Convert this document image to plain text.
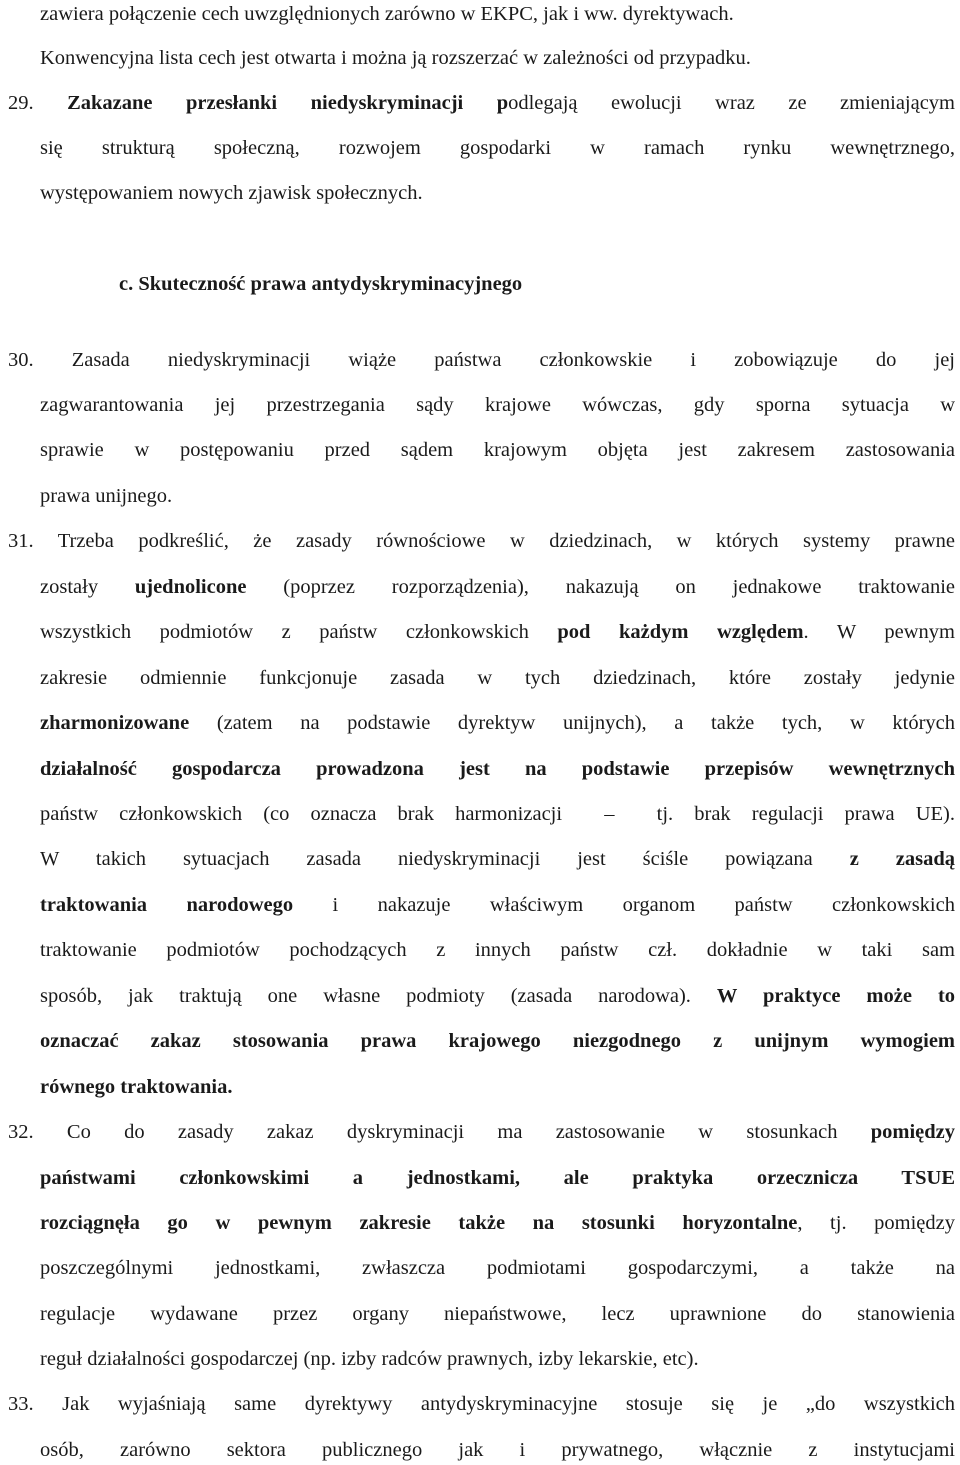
zawiera połączenie cech uwzględnionych zarówno w EKPC, jak i ww. dyrektywach.
Konwencyjna lista cech jest otwarta i można ją rozszerzać w zależności od przypadku.
29. Zakazane przesłanki niedyskryminacji podlegają ewolucji wraz ze zmieniającym
się strukturą społeczną, rozwojem gospodarki w ramach rynku wewnętrznego,
występowaniem nowych zjawisk społecznych.
c. Skuteczność prawa antydyskryminacyjnego
30. Zasada niedyskryminacji wiąże państwa członkowskie i zobowiązuje do jej
zagwarantowania jej przestrzegania sądy krajowe wówczas, gdy sporna sytuacja w
sprawie w postępowaniu przed sądem krajowym objęta jest zakresem zastosowania
prawa unijnego.
31. Trzeba podkreślić, że zasady równościowe w dziedzinach, w których systemy prawne
zostały ujednolicone (poprzez rozporządzenia), nakazują on jednakowe traktowanie
wszystkich podmiotów z państw członkowskich pod każdym względem. W pewnym
zakresie odmiennie funkcjonuje zasada w tych dziedzinach, które zostały jedynie
zharmonizowane (zatem na podstawie dyrektyw unijnych), a także tych, w których
działalność gospodarcza prowadzona jest na podstawie przepisów wewnętrznych
państw członkowskich (co oznacza brak harmonizacji  –  tj. brak regulacji prawa UE).
W takich sytuacjach zasada niedyskryminacji jest ściśle powiązana z zasadą
traktowania narodowego i nakazuje właściwym organom państw członkowskich
traktowanie podmiotów pochodzących z innych państw czł. dokładnie w taki sam
sposób, jak traktują one własne podmioty (zasada narodowa). W praktyce może to
oznaczać zakaz stosowania prawa krajowego niezgodnego z unijnym wymogiem
równego traktowania.
32. Co do zasady zakaz dyskryminacji ma zastosowanie w stosunkach pomiędzy
państwami członkowskimi a jednostkami, ale praktyka orzecznicza TSUE
rozciągnęła go w pewnym zakresie także na stosunki horyzontalne, tj. pomiędzy
poszczególnymi jednostkami, zwłaszcza podmiotami gospodarczymi, a także na
regulacje wydawane przez organy niepaństwowe, lecz uprawnione do stanowienia
reguł działalności gospodarczej (np. izby radców prawnych, izby lekarskie, etc).
33. Jak wyjaśniają same dyrektywy antydyskryminacyjne stosuje się je „do wszystkich
osób, zarówno sektora publicznego jak i prywatnego, włącznie z instytucjami
